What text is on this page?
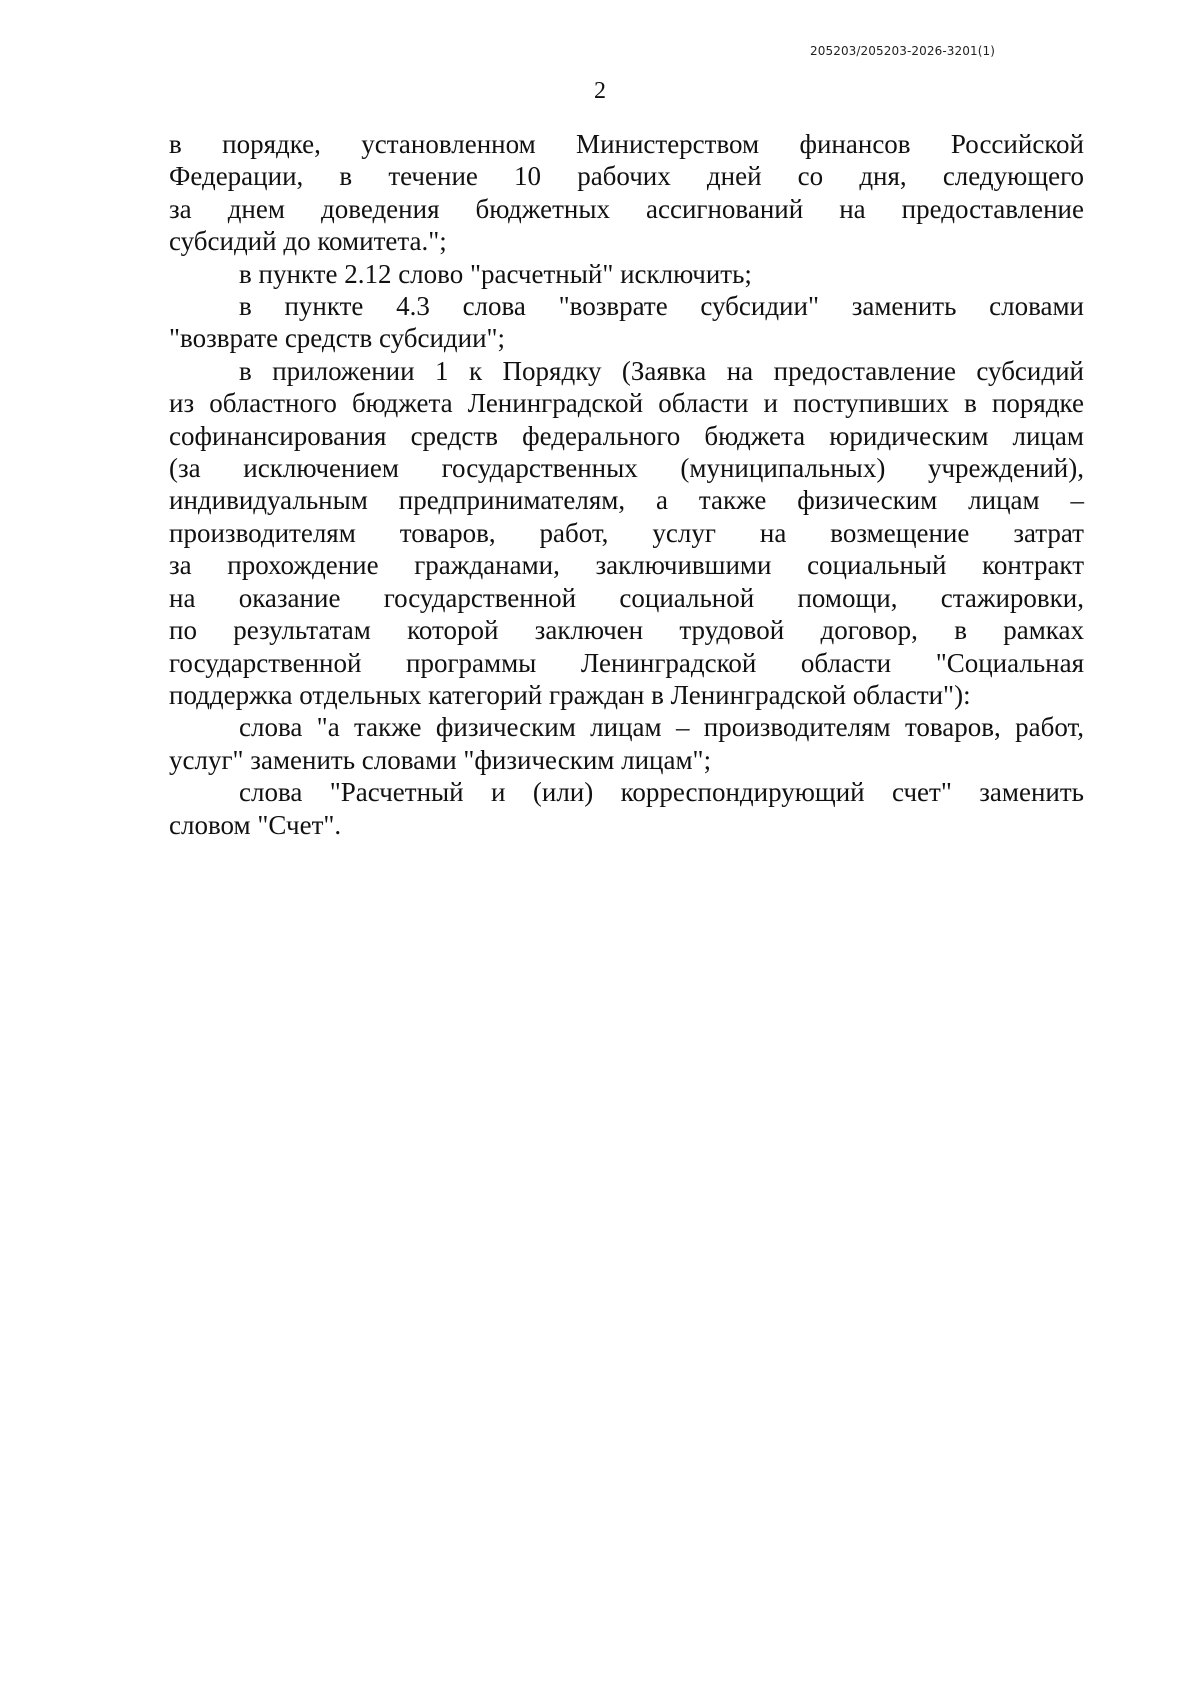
205203/205203-2026-3201(1)
2
в порядке, установленном Министерством финансов Российской
Федерации, в течение 10 рабочих дней со дня, следующего
за днем доведения бюджетных ассигнований на предоставление
субсидий до комитета.";
в пункте 2.12 слово "расчетный" исключить;
в пункте 4.3 слова "возврате субсидии" заменить словами
"возврате средств субсидии";
в приложении 1 к Порядку (Заявка на предоставление субсидий
из областного бюджета Ленинградской области и поступивших в порядке
софинансирования средств федерального бюджета юридическим лицам
(за исключением государственных (муниципальных) учреждений),
индивидуальным предпринимателям, а также физическим лицам –
производителям товаров, работ, услуг на возмещение затрат
за прохождение гражданами, заключившими социальный контракт
на оказание государственной социальной помощи, стажировки,
по результатам которой заключен трудовой договор, в рамках
государственной программы Ленинградской области "Социальная
поддержка отдельных категорий граждан в Ленинградской области"):
слова "а также физическим лицам – производителям товаров, работ,
услуг" заменить словами "физическим лицам";
слова "Расчетный и (или) корреспондирующий счет" заменить
словом "Счет".
